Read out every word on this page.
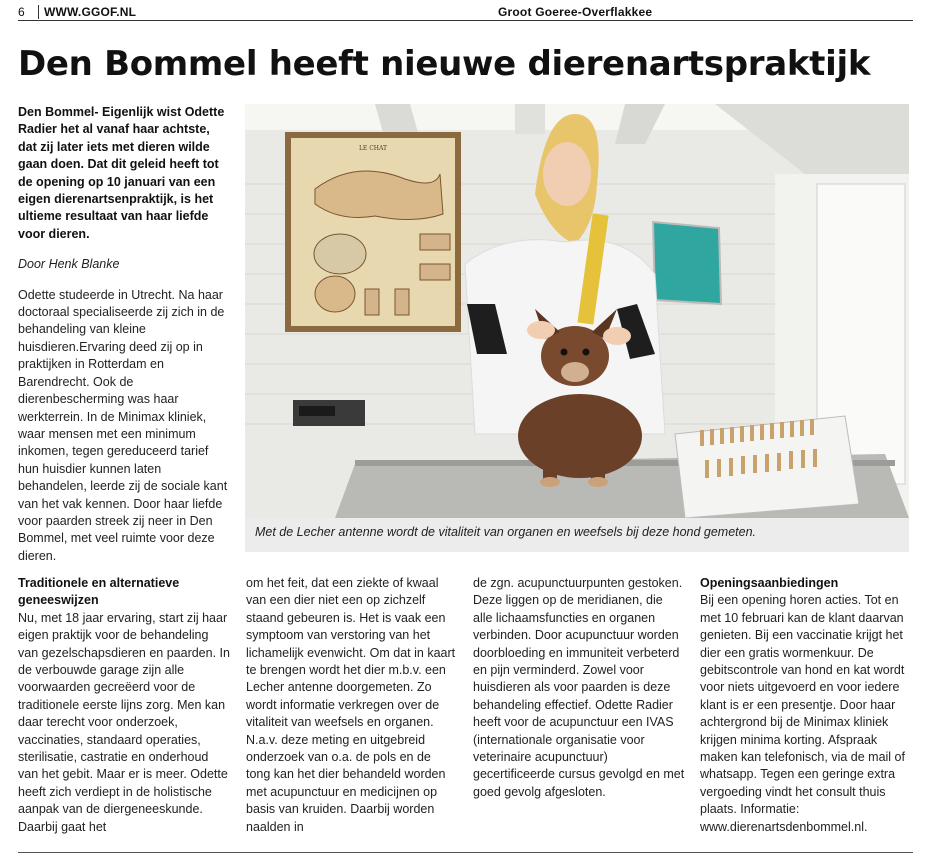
6	WWW.GGOF.NL	Groot Goeree-Overflakkee
Den Bommel heeft nieuwe dierenartspraktijk

Den Bommel- Eigenlijk wist Odette Radier het al vanaf haar achtste, dat zij later iets met dieren wilde gaan doen. Dat dit geleid heeft tot de opening op 10 januari van een eigen dierenartsenpraktijk, is het ultieme resultaat van haar liefde voor dieren.

Door Henk Blanke

Odette studeerde in Utrecht. Na haar doctoraal specialiseerde zij zich in de behandeling van kleine huisdieren.Ervaring deed zij op in praktijken in Rotterdam en Barendrecht. Ook de dierenbescherming was haar werkterrein. In de Minimax kliniek, waar mensen met een minimum inkomen, tegen gereduceerd tarief hun huisdier kunnen laten behandelen, leerde zij de sociale kant van het vak kennen. Door haar liefde voor paarden streek zij neer in Den Bommel, met veel ruimte voor deze dieren.

LE CHAT
Met de Lecher antenne wordt de vitaliteit van organen en weefsels bij deze hond gemeten.

Traditionele en alternatieve geneeswijzen

Nu, met 18 jaar ervaring, start zij haar eigen praktijk voor de behandeling van gezelschapsdieren en paarden. In de verbouwde garage zijn alle voorwaarden gecreëerd voor de traditionele eerste lijns zorg. Men kan daar terecht voor onderzoek, vaccinaties, standaard operaties, sterilisatie, castratie en onderhoud van het gebit. Maar er is meer. Odette heeft zich verdiept in de holistische aanpak van de diergeneeskunde. Daarbij gaat het

om het feit, dat een ziekte of kwaal van een dier niet een op zichzelf staand gebeuren is. Het is vaak een symptoom van verstoring van het lichamelijk evenwicht. Om dat in kaart te brengen wordt het dier m.b.v. een Lecher antenne doorgemeten. Zo wordt informatie verkregen over de vitaliteit van weefsels en organen. N.a.v. deze meting en uitgebreid onderzoek van o.a. de pols en de tong kan het dier behandeld worden met acupunctuur en medicijnen op basis van kruiden. Daarbij worden naalden in

de zgn. acupunctuurpunten gestoken. Deze liggen op de meridianen, die alle lichaamsfuncties en organen verbinden. Door acupunctuur worden doorbloeding en immuniteit verbeterd en pijn verminderd. Zowel voor huisdieren als voor paarden is deze behandeling effectief. Odette Radier heeft voor de acupunctuur een IVAS (internationale organisatie voor veterinaire acupunctuur) gecertificeerde cursus gevolgd en met goed gevolg afgesloten.

Openingsaanbiedingen

Bij een opening horen acties. Tot en met 10 februari kan de klant daarvan genieten. Bij een vaccinatie krijgt het dier een gratis wormenkuur. De gebitscontrole van hond en kat wordt voor niets uitgevoerd en voor iedere klant is er een presentje. Door haar achtergrond bij de Minimax kliniek krijgen minima korting. Afspraak maken kan telefonisch, via de mail of whatsapp. Tegen een geringe extra vergoeding vindt het consult thuis plaats. Informatie: www.dierenartsdenbommel.nl.
